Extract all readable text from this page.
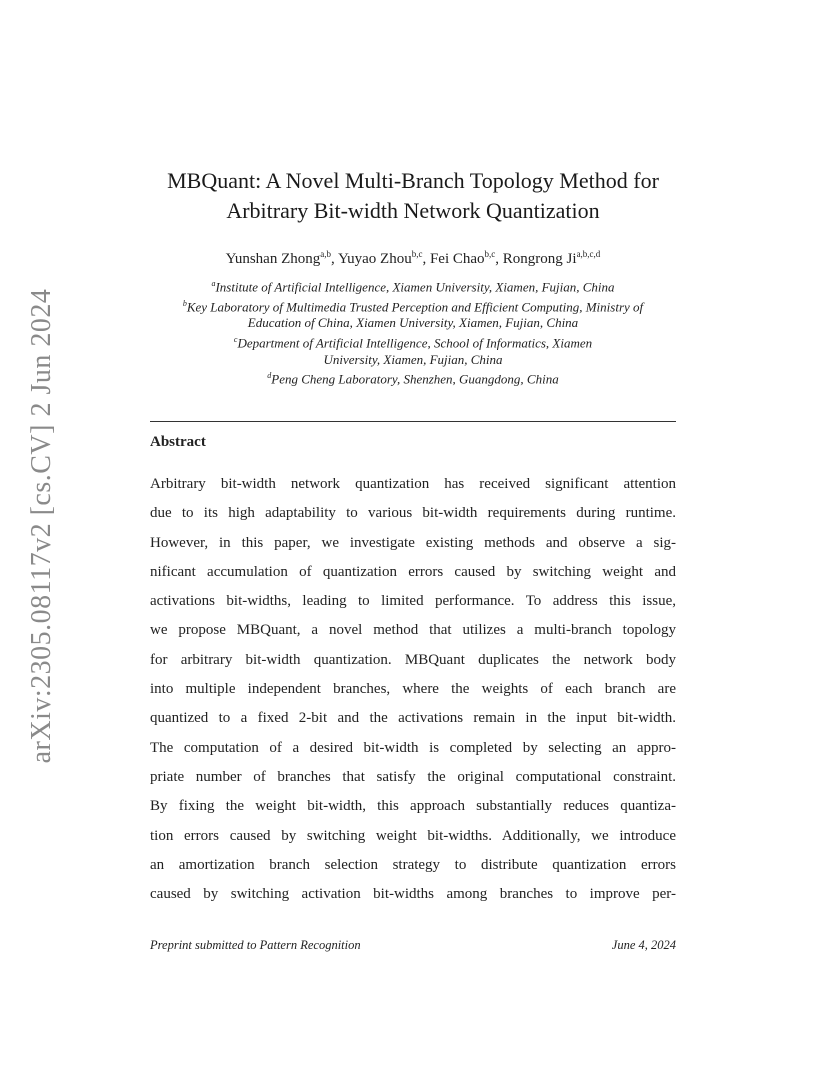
arXiv:2305.08117v2 [cs.CV] 2 Jun 2024
MBQuant: A Novel Multi-Branch Topology Method for
Arbitrary Bit-width Network Quantization
Yunshan Zhong$^{a,b}$, Yuyao Zhou$^{b,c}$, Fei Chao$^{b,c}$, Rongrong Ji$^{a,b,c,d}$
$^a$Institute of Artificial Intelligence, Xiamen University, Xiamen, Fujian, China
$^b$Key Laboratory of Multimedia Trusted Perception and Efficient Computing, Ministry of
Education of China, Xiamen University, Xiamen, Fujian, China
$^c$Department of Artificial Intelligence, School of Informatics, Xiamen
University, Xiamen, Fujian, China
$^d$Peng Cheng Laboratory, Shenzhen, Guangdong, China
Abstract
Arbitrary bit-width network quantization has received significant attention
due to its high adaptability to various bit-width requirements during runtime.
However, in this paper, we investigate existing methods and observe a sig-
nificant accumulation of quantization errors caused by switching weight and
activations bit-widths, leading to limited performance. To address this issue,
we propose MBQuant, a novel method that utilizes a multi-branch topology
for arbitrary bit-width quantization. MBQuant duplicates the network body
into multiple independent branches, where the weights of each branch are
quantized to a fixed 2-bit and the activations remain in the input bit-width.
The computation of a desired bit-width is completed by selecting an appro-
priate number of branches that satisfy the original computational constraint.
By fixing the weight bit-width, this approach substantially reduces quantiza-
tion errors caused by switching weight bit-widths. Additionally, we introduce
an amortization branch selection strategy to distribute quantization errors
caused by switching activation bit-widths among branches to improve per-
Preprint submitted to Pattern Recognition	June 4, 2024
